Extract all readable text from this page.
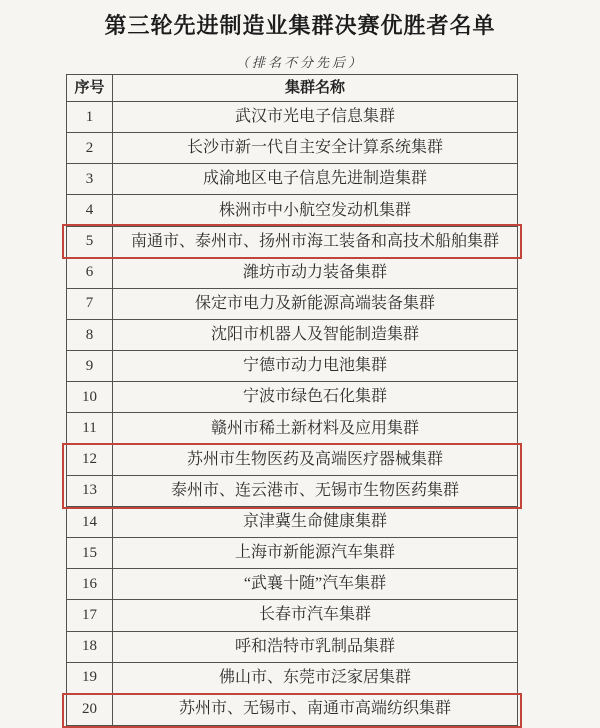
第三轮先进制造业集群决赛优胜者名单
（排名不分先后）
序号	集群名称
1	武汉市光电子信息集群
2	长沙市新一代自主安全计算系统集群
3	成渝地区电子信息先进制造集群
4	株洲市中小航空发动机集群
5	南通市、泰州市、扬州市海工装备和高技术船舶集群
6	潍坊市动力装备集群
7	保定市电力及新能源高端装备集群
8	沈阳市机器人及智能制造集群
9	宁德市动力电池集群
10	宁波市绿色石化集群
11	赣州市稀土新材料及应用集群
12	苏州市生物医药及高端医疗器械集群
13	泰州市、连云港市、无锡市生物医药集群
14	京津冀生命健康集群
15	上海市新能源汽车集群
16	“武襄十随”汽车集群
17	长春市汽车集群
18	呼和浩特市乳制品集群
19	佛山市、东莞市泛家居集群
20	苏州市、无锡市、南通市高端纺织集群
